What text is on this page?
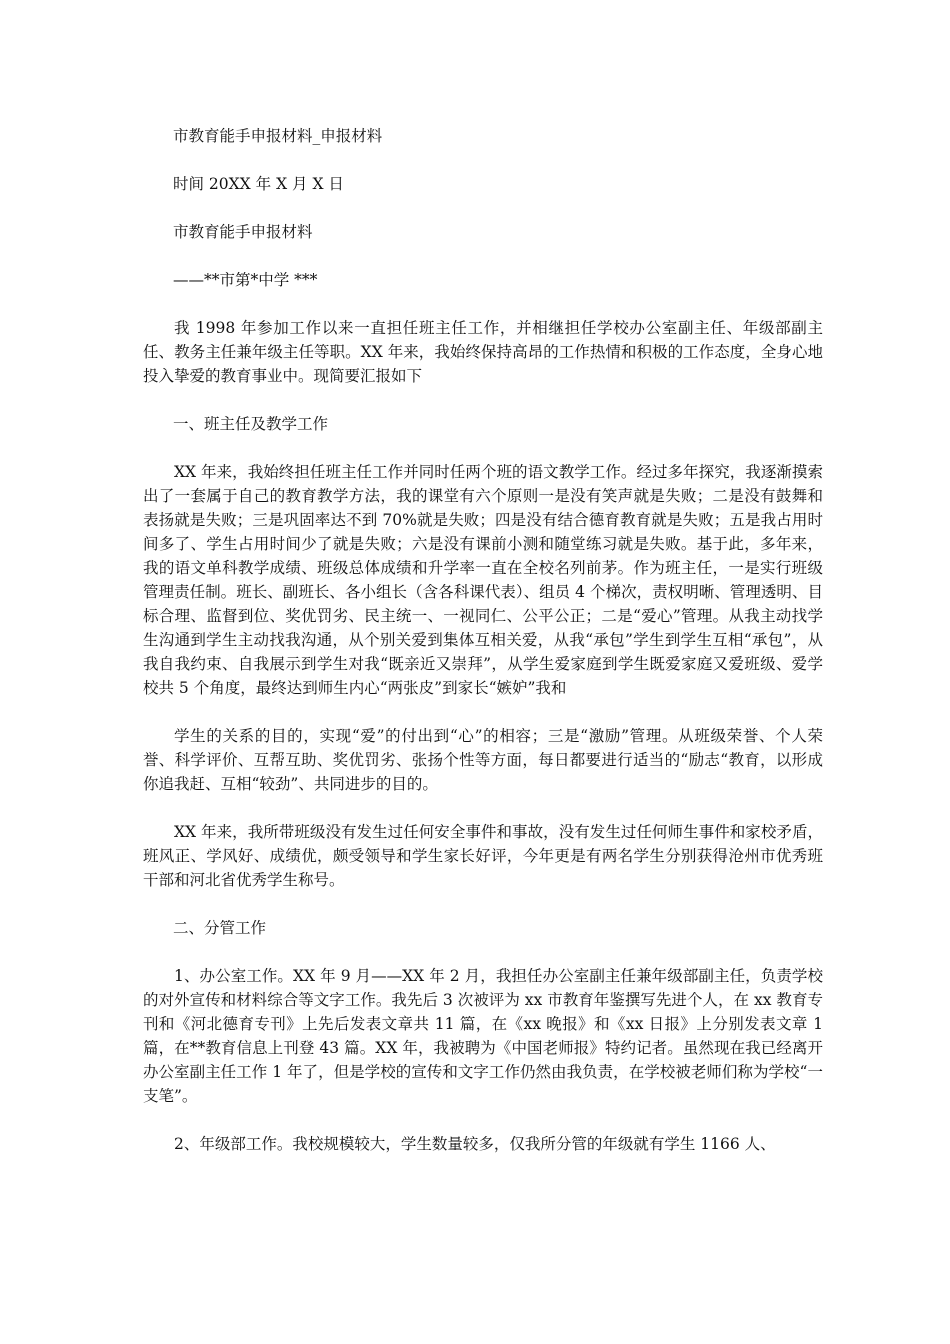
市教育能手申报材料_申报材料
时间 20XX 年 X 月 X 日
市教育能手申报材料
——**市第*中学 ***

我 1998 年参加工作以来一直担任班主任工作，并相继担任学校办公室副主任、年级部副主任、教务主任兼年级主任等职。XX 年来，我始终保持高昂的工作热情和积极的工作态度，全身心地投入挚爱的教育事业中。现简要汇报如下

一、班主任及教学工作

XX 年来，我始终担任班主任工作并同时任两个班的语文教学工作。经过多年探究，我逐渐摸索出了一套属于自己的教育教学方法，我的课堂有六个原则一是没有笑声就是失败；二是没有鼓舞和表扬就是失败；三是巩固率达不到 70%就是失败；四是没有结合德育教育就是失败；五是我占用时间多了、学生占用时间少了就是失败；六是没有课前小测和随堂练习就是失败。基于此，多年来，我的语文单科教学成绩、班级总体成绩和升学率一直在全校名列前茅。作为班主任，一是实行班级管理责任制。班长、副班长、各小组长（含各科课代表）、组员 4 个梯次，责权明晰、管理透明、目标合理、监督到位、奖优罚劣、民主统一、一视同仁、公平公正；二是“爱心”管理。从我主动找学生沟通到学生主动找我沟通，从个别关爱到集体互相关爱，从我“承包”学生到学生互相“承包”，从我自我约束、自我展示到学生对我“既亲近又崇拜”，从学生爱家庭到学生既爱家庭又爱班级、爱学校共 5 个角度，最终达到师生内心“两张皮”到家长“嫉妒”我和

学生的关系的目的，实现“爱”的付出到“心”的相容；三是“激励”管理。从班级荣誉、个人荣誉、科学评价、互帮互助、奖优罚劣、张扬个性等方面，每日都要进行适当的“励志“教育，以形成你追我赶、互相“较劲”、共同进步的目的。

XX 年来，我所带班级没有发生过任何安全事件和事故，没有发生过任何师生事件和家校矛盾，班风正、学风好、成绩优，颇受领导和学生家长好评，今年更是有两名学生分别获得沧州市优秀班干部和河北省优秀学生称号。

二、分管工作

1、办公室工作。XX 年 9 月——XX 年 2 月，我担任办公室副主任兼年级部副主任，负责学校的对外宣传和材料综合等文字工作。我先后 3 次被评为 xx 市教育年鉴撰写先进个人，在 xx 教育专刊和《河北德育专刊》上先后发表文章共 11 篇，在《xx 晚报》和《xx 日报》上分别发表文章 1 篇，在**教育信息上刊登 43 篇。XX 年，我被聘为《中国老师报》特约记者。虽然现在我已经离开办公室副主任工作 1 年了，但是学校的宣传和文字工作仍然由我负责，在学校被老师们称为学校“一支笔”。

2、年级部工作。我校规模较大，学生数量较多，仅我所分管的年级就有学生 1166 人、
